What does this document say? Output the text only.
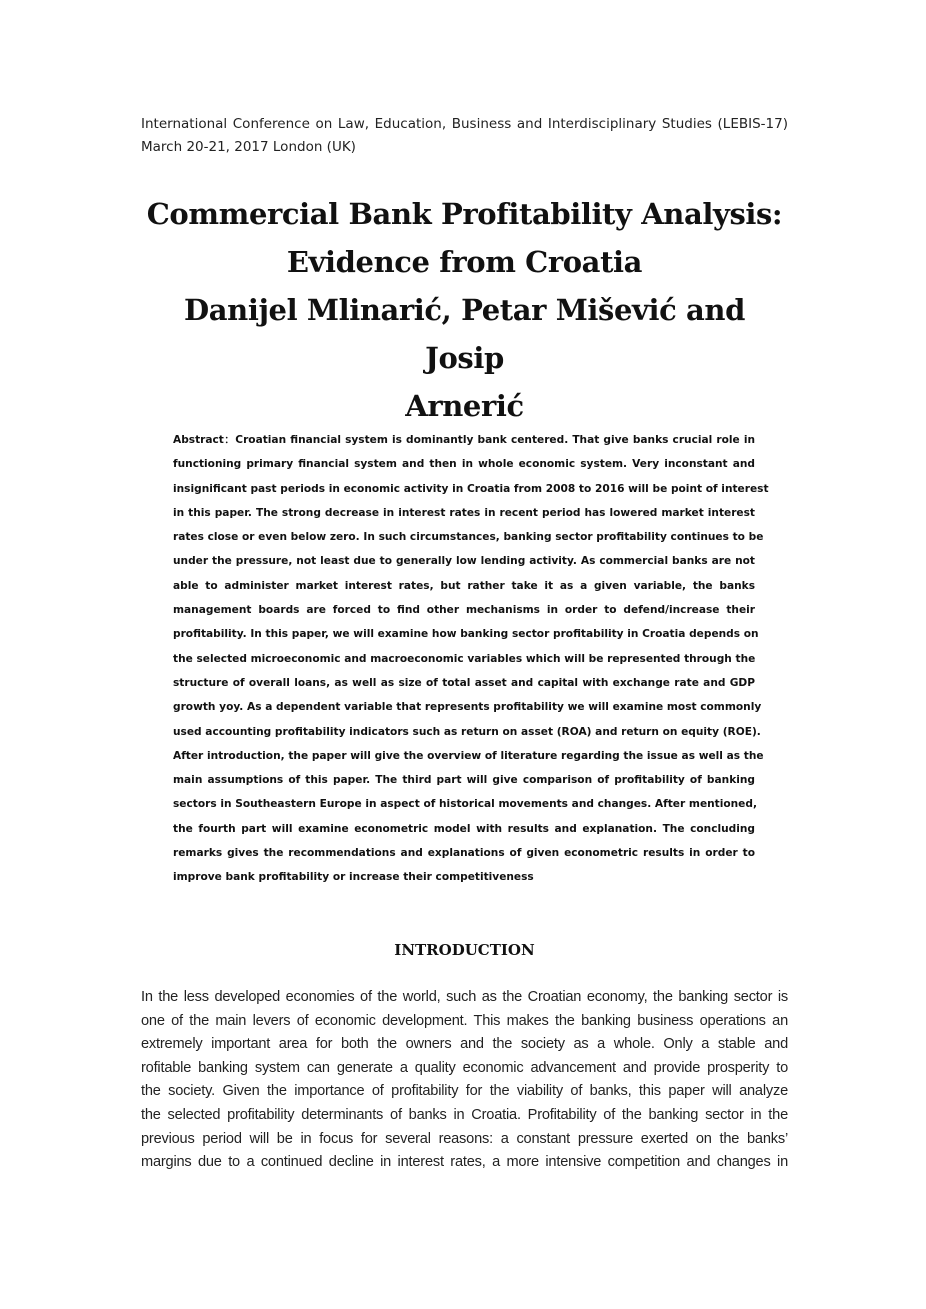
International Conference on Law, Education, Business and Interdisciplinary Studies (LEBIS-17)
March 20-21, 2017 London (UK)
Commercial Bank Profitability Analysis:
Evidence from Croatia
Danijel Mlinarić, Petar Mišević and Josip
Arnerić
Abstract：Croatian financial system is dominantly bank centered. That give banks crucial role in
functioning primary financial system and then in whole economic system. Very inconstant and
insignificant past periods in economic activity in Croatia from 2008 to 2016 will be point of interest
in this paper. The strong decrease in interest rates in recent period has lowered market interest
rates close or even below zero. In such circumstances, banking sector profitability continues to be
under the pressure, not least due to generally low lending activity. As commercial banks are not
able to administer market interest rates, but rather take it as a given variable, the banks
management boards are forced to find other mechanisms in order to defend/increase their
profitability. In this paper, we will examine how banking sector profitability in Croatia depends on
the selected microeconomic and macroeconomic variables which will be represented through the
structure of overall loans, as well as size of total asset and capital with exchange rate and GDP
growth yoy. As a dependent variable that represents profitability we will examine most commonly
used accounting profitability indicators such as return on asset (ROA) and return on equity (ROE).
After introduction, the paper will give the overview of literature regarding the issue as well as the
main assumptions of this paper. The third part will give comparison of profitability of banking
sectors in Southeastern Europe in aspect of historical movements and changes. After mentioned,
the fourth part will examine econometric model with results and explanation. The concluding
remarks gives the recommendations and explanations of given econometric results in order to
improve bank profitability or increase their competitiveness
INTRODUCTION
In the less developed economies of the world, such as the Croatian economy, the banking sector is
one of the main levers of economic development. This makes the banking business operations an
extremely important area for both the owners and the society as a whole. Only a stable and
rofitable banking system can generate a quality economic advancement and provide prosperity to
the society. Given the importance of profitability for the viability of banks, this paper will analyze
the selected profitability determinants of banks in Croatia. Profitability of the banking sector in the
previous period will be in focus for several reasons: a constant pressure exerted on the banks’
margins due to a continued decline in interest rates, a more intensive competition and changes in
